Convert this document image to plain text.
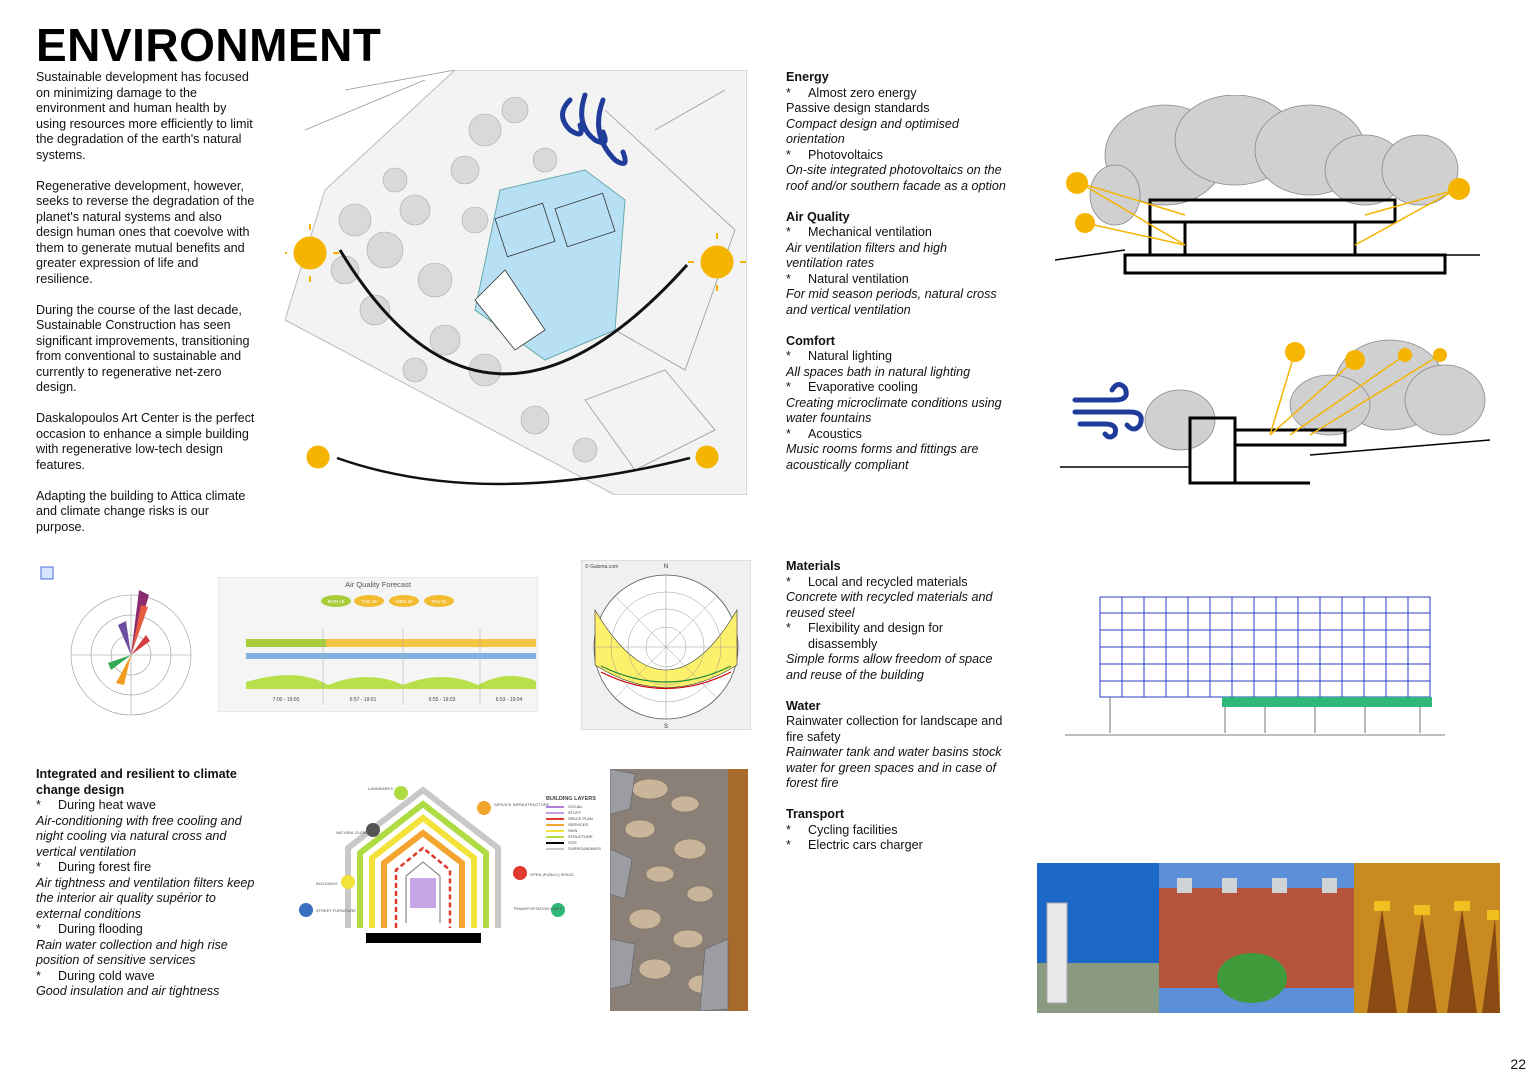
ENVIRONMENT

Sustainable development has focused on minimizing damage to the environment and human health by using resources more efficiently to limit the degradation of the earth's natural systems.

Regenerative development, however, seeks to reverse the degradation of the planet's natural systems and also design human ones that coevolve with them to generate mutual benefits and greater expression of life and resilience.

During the course of the last decade, Sustainable Construction has seen significant improvements, transitioning from conventional to sustainable and currently to regenerative net-zero design.

Daskalopoulos Art Center is the perfect occasion to enhance a simple building with regenerative low-tech design features.

Adapting the building to Attica climate and climate change risks is our purpose.

Energy
* Almost zero energy
Passive design standards
Compact design and optimised orientation
* Photovoltaics
On-site integrated photovoltaics on the roof and/or southern facade as a option
Air Quality
* Mechanical ventilation
Air ventilation filters and high ventilation rates
* Natural ventilation
For mid season periods, natural cross and vertical ventilation
Comfort
* Natural lighting
All spaces bath in natural lighting
* Evaporative cooling
Creating microclimate conditions using water fountains
* Acoustics
Music rooms forms and fittings are acoustically compliant
Materials
* Local and recycled materials
Concrete with recycled materials and reused steel
* Flexibility and design for
disassembly
Simple forms allow freedom of space and reuse of the building
Water
Rainwater collection for landscape and fire safety
Rainwater tank and water basins stock water for green spaces and in case of forest fire
Transport
* Cycling facilities
* Electric cars charger
Integrated and resilient to climate change design
* During heat wave
Air-conditioning with free cooling and night cooling via natural cross and vertical ventilation
* During forest fire
Air tightness and ventilation filters keep the interior air quality supérior to external conditions
* During flooding
Rain water collection and high rise position of sensitive services
* During cold wave
Good insulation and air tightness
Air Quality Forecast
MON 18	TUE 19	WED 20	THU 21
7:00 - 19:00	6:57 - 19:01	6:55 - 19:03	6:53 - 19:04
© Gaisma.com	N
S
BUILDING LAYERS
SOCIAL
STUFF
SPACE PLAN
SERVICES
SKIN
STRUCTURE
SITE
SURROUNDINGS
LANDMARKS
SERVICE INFRASTRUCTURE
NATURAL ELEMENTS
BUILDINGS
OPEN (PUBLIC) SPACE
STREET FURNITURE	TRANSPORTATION LINKS
22
